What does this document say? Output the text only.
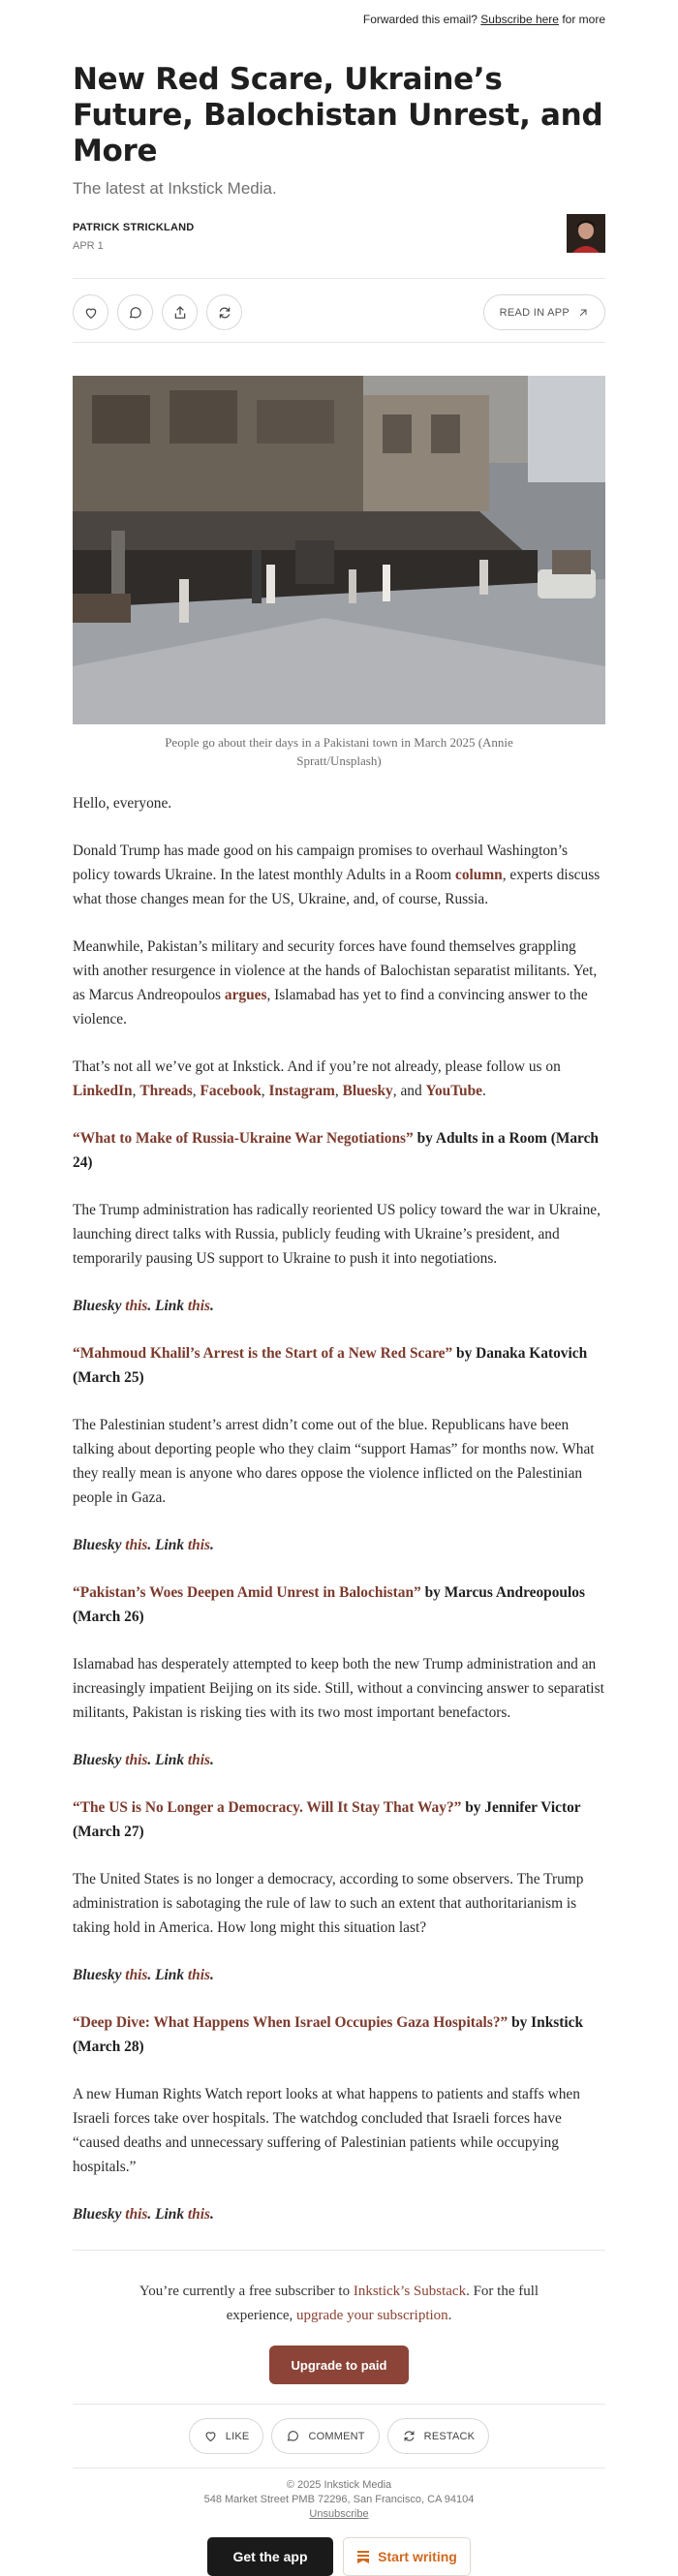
Forwarded this email? Subscribe here for more
New Red Scare, Ukraine’s Future, Balochistan Unrest, and More
The latest at Inkstick Media.
PATRICK STRICKLAND
APR 1
READ IN APP
People go about their days in a Pakistani town in March 2025 (Annie Spratt/Unsplash)

Hello, everyone.

Donald Trump has made good on his campaign promises to overhaul Washington’s policy towards Ukraine. In the latest monthly Adults in a Room column, experts discuss what those changes mean for the US, Ukraine, and, of course, Russia.

Meanwhile, Pakistan’s military and security forces have found themselves grappling with another resurgence in violence at the hands of Balochistan separatist militants. Yet, as Marcus Andreopoulos argues, Islamabad has yet to find a convincing answer to the violence.

That’s not all we’ve got at Inkstick. And if you’re not already, please follow us on LinkedIn, Threads, Facebook, Instagram, Bluesky, and YouTube.

“What to Make of Russia-Ukraine War Negotiations” by Adults in a Room (March 24)

The Trump administration has radically reoriented US policy toward the war in Ukraine, launching direct talks with Russia, publicly feuding with Ukraine’s president, and temporarily pausing US support to Ukraine to push it into negotiations.

Bluesky this. Link this.

“Mahmoud Khalil’s Arrest is the Start of a New Red Scare” by Danaka Katovich (March 25)

The Palestinian student’s arrest didn’t come out of the blue. Republicans have been talking about deporting people who they claim “support Hamas” for months now. What they really mean is anyone who dares oppose the violence inflicted on the Palestinian people in Gaza.

Bluesky this. Link this.

“Pakistan’s Woes Deepen Amid Unrest in Balochistan” by Marcus Andreopoulos (March 26)

Islamabad has desperately attempted to keep both the new Trump administration and an increasingly impatient Beijing on its side. Still, without a convincing answer to separatist militants, Pakistan is risking ties with its two most important benefactors.

Bluesky this. Link this.

“The US is No Longer a Democracy. Will It Stay That Way?” by Jennifer Victor (March 27)

The United States is no longer a democracy, according to some observers. The Trump administration is sabotaging the rule of law to such an extent that authoritarianism is taking hold in America. How long might this situation last?

Bluesky this. Link this.

“Deep Dive: What Happens When Israel Occupies Gaza Hospitals?” by Inkstick (March 28)

A new Human Rights Watch report looks at what happens to patients and staffs when Israeli forces take over hospitals. The watchdog concluded that Israeli forces have “caused deaths and unnecessary suffering of Palestinian patients while occupying hospitals.”

Bluesky this. Link this.

You’re currently a free subscriber to Inkstick’s Substack. For the full experience, upgrade your subscription.
Upgrade to paid
LIKE	COMMENT	RESTACK
© 2025 Inkstick Media
548 Market Street PMB 72296, San Francisco, CA 94104
Unsubscribe
Get the app	Start writing
